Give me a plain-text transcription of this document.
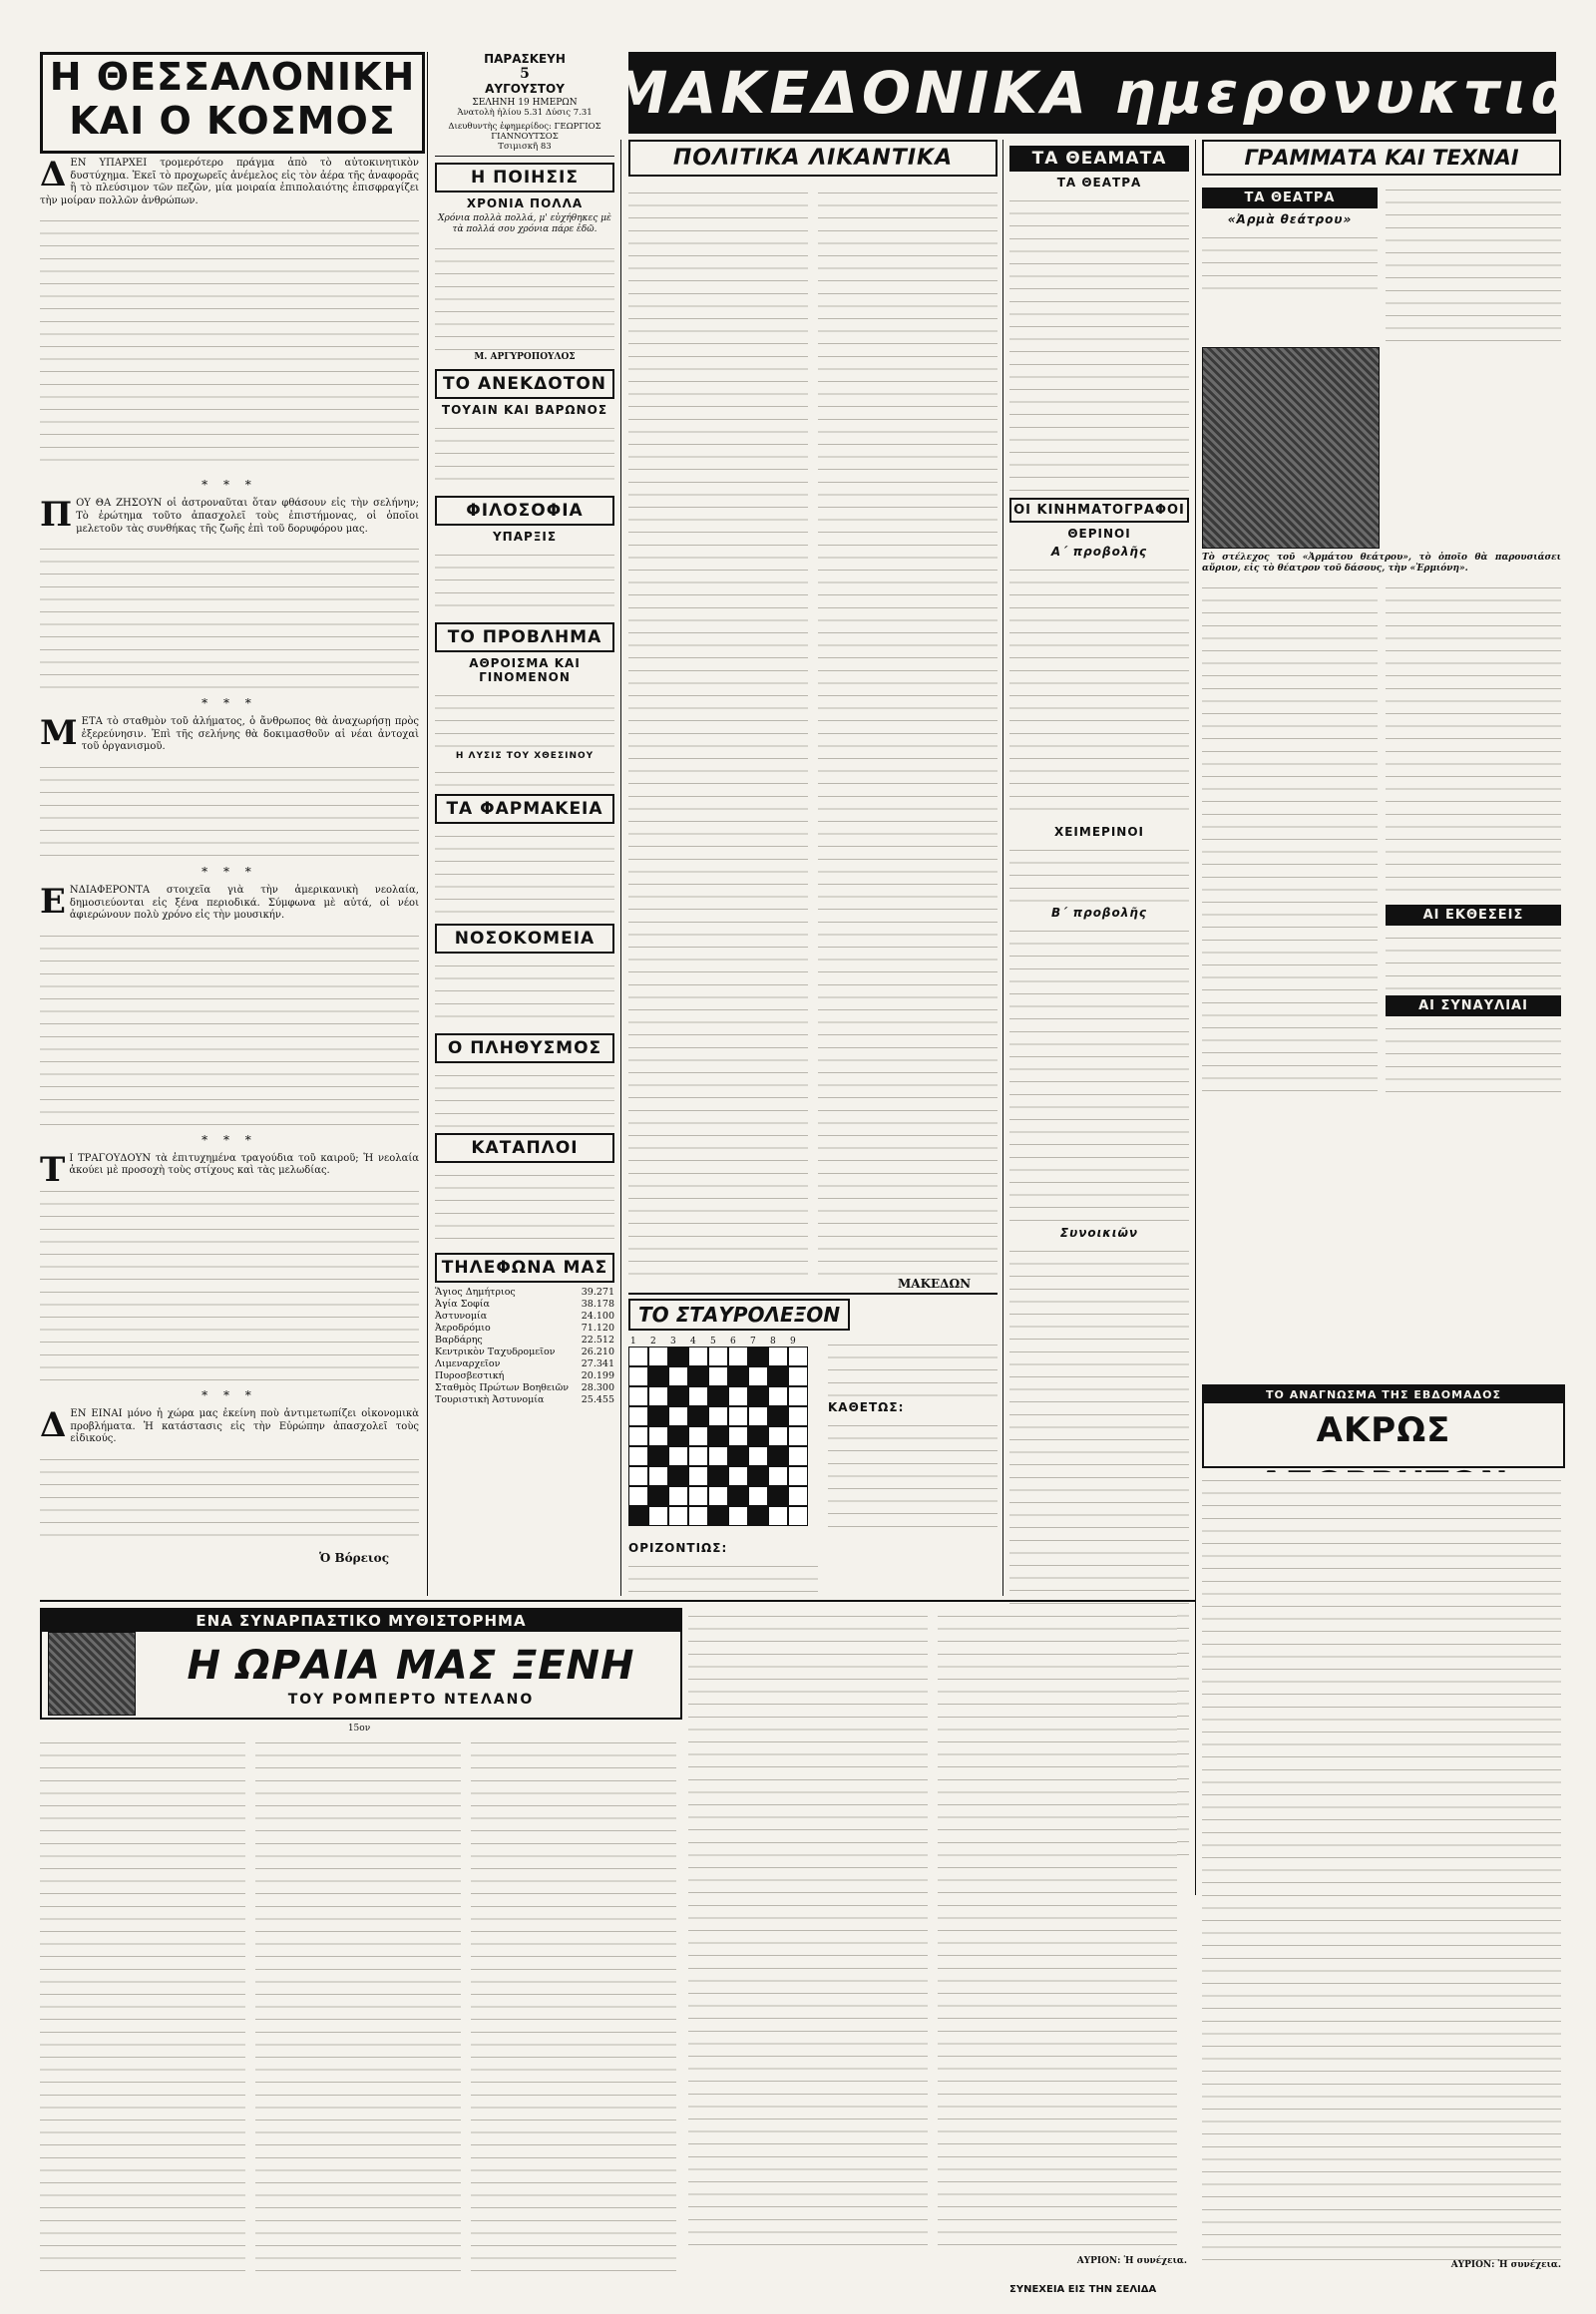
Η ΘΕΣΣΑΛΟΝΙΚΗ
ΚΑΙ Ο ΚΟΣΜΟΣ

ΔΕΝ ΥΠΑΡΧΕΙ τρομερότερο πράγμα ἀπὸ τὸ αὐτοκινητικὸν δυστύχημα. Ἐκεῖ τὸ προχωρεῖς ἀνέμελος εἰς τὸν ἀέρα τῆς ἀναφορᾶς ἢ τὸ πλεύσιμον τῶν πεζῶν, μία μοιραία ἐπιπολαιότης ἐπισφραγίζει τὴν μοίραν πολλῶν ἀνθρώπων.

* * *

ΠΟΥ ΘΑ ΖΗΣΟΥΝ οἱ ἀστροναῦται ὅταν φθάσουν εἰς τὴν σελήνην; Τὸ ἐρώτημα τοῦτο ἀπασχολεῖ τοὺς ἐπιστήμονας, οἱ ὁποῖοι μελετοῦν τὰς συνθήκας τῆς ζωῆς ἐπὶ τοῦ δορυφόρου μας.

* * *

ΜΕΤΑ τὸ σταθμὸν τοῦ ἀλήματος, ὁ ἄνθρωπος θὰ ἀναχωρήσῃ πρὸς ἐξερεύνησιν. Ἐπὶ τῆς σελήνης θὰ δοκιμασθοῦν αἱ νέαι ἀντοχαὶ τοῦ ὀργανισμοῦ.

* * *

ΕΝΔΙΑΦΕΡΟΝΤΑ στοιχεῖα γιὰ τὴν ἀμερικανικὴ νεολαία, δημοσιεύονται εἰς ξένα περιοδικά. Σύμφωνα μὲ αὐτά, οἱ νέοι ἀφιερώνουν πολὺ χρόνο εἰς τὴν μουσικήν.

* * *

ΤΙ ΤΡΑΓΟΥΔΟΥΝ τὰ ἐπιτυχημένα τραγούδια τοῦ καιροῦ; Ἡ νεολαία ἀκούει μὲ προσοχὴ τοὺς στίχους καὶ τὰς μελωδίας.

* * *

ΔΕΝ ΕΙΝΑΙ μόνο ἡ χώρα μας ἐκείνη ποὺ ἀντιμετωπίζει οἰκονομικὰ προβλήματα. Ἡ κατάστασις εἰς τὴν Εὐρώπην ἀπασχολεῖ τοὺς εἰδικούς.

Ὁ Βόρειος
ΠΑΡΑΣΚΕΥΗ
5
ΑΥΓΟΥΣΤΟΥ
ΣΕΛΗΝΗ 19 ΗΜΕΡΩΝ
Ἀνατολὴ ἡλίου 5.31 Δύσις 7.31
Διευθυντὴς ἐφημερίδος: ΓΕΩΡΓΙΟΣ ΓΙΑΝΝΟΥΤΣΟΣ
Τσιμισκῆ 83
Η ΠΟΙΗΣΙΣ
ΧΡΟΝΙΑ ΠΟΛΛΑ

Χρόνια πολλὰ πολλά, μ' εὐχήθηκες μὲ τὰ πολλά σου χρόνια πάρε ἐδῶ.

Μ. ΑΡΓΥΡΟΠΟΥΛΟΣ
ΤΟ ΑΝΕΚΔΟΤΟΝ
ΤΟΥΑΙΝ ΚΑΙ ΒΑΡΩΝΟΣ
ΦΙΛΟΣΟΦΙΑ
ΥΠΑΡΞΙΣ
ΤΟ ΠΡΟΒΛΗΜΑ
ΑΘΡΟΙΣΜΑ ΚΑΙ ΓΙΝΟΜΕΝΟΝ
Η ΛΥΣΙΣ ΤΟΥ ΧΘΕΣΙΝΟΥ
ΤΑ ΦΑΡΜΑΚΕΙΑ
ΝΟΣΟΚΟΜΕΙΑ
Ο ΠΛΗΘΥΣΜΟΣ
ΚΑΤΑΠΛΟΙ
ΤΗΛΕΦΩΝΑ ΜΑΣ
Ἅγιος Δημήτριος	39.271
Ἀγία Σοφία	38.178
Ἀστυνομία	24.100
Ἀεροδρόμιο	71.120
Βαρδάρης	22.512
Κεντρικὸν Ταχυδρομεῖον	26.210
Λιμεναρχεῖον	27.341
Πυροσβεστική	20.199
Σταθμὸς Πρώτων Βοηθειῶν 28.300
Τουριστικὴ Ἀστυνομία	25.455
ΜΑΚΕΔΟΝΙΚΑ ημερονυκτια
ΠΟΛΙΤΙΚΑ ΛΙΚΑΝΤΙΚΑ
ΜΑΚΕΔΩΝ
ΤΑ ΘΕΑΜΑΤΑ
ΤΑ ΘΕΑΤΡΑ
ΟΙ ΚΙΝΗΜΑΤΟΓΡΑΦΟΙ
ΘΕΡΙΝΟΙ
Α΄ προβολῆς
ΧΕΙΜΕΡΙΝΟΙ
Β΄ προβολῆς
Συνοικιῶν
ΓΡΑΜΜΑΤΑ ΚΑΙ ΤΕΧΝΑΙ
ΤΑ ΘΕΑΤΡΑ
«Ἀρμὰ θεάτρου»

Τὸ στέλεχος τοῦ «Ἀρμάτου θεάτρου», τὸ ὁποῖο θὰ παρουσιάσει αὔριον, εἰς τὸ θέατρον τοῦ δάσους, τὴν «Ἐρμιόνη».

ΑΙ ΕΚΘΕΣΕΙΣ
ΑΙ ΣΥΝΑΥΛΙΑΙ
ΤΟ ΣΤΑΥΡΟΛΕΞΟΝ
1	2	3	4	5	6	7	8	9
ΚΑΘΕΤΩΣ:
ΟΡΙΖΟΝΤΙΩΣ:
ΤΟ ΑΝΑΓΝΩΣΜΑ ΤΗΣ ΕΒΔΟΜΑΔΟΣ
ΑΚΡΩΣ
ΑΥΡΙΟΝ: Ἡ συνέχεια.
ΕΝΑ ΣΥΝΑΡΠΑΣΤΙΚΟ ΜΥΘΙΣΤΟΡΗΜΑ
Η ΩΡΑΙΑ ΜΑΣ ΞΕΝΗ
ΤΟΥ ΡΟΜΠΕΡΤΟ ΝΤΕΛΑΝΟ
15ον
ΑΥΡΙΟΝ: Ἡ συνέχεια.
ΣΥΝΕΧΕΙΑ ΕΙΣ ΤΗΝ ΣΕΛΙΔΑ
